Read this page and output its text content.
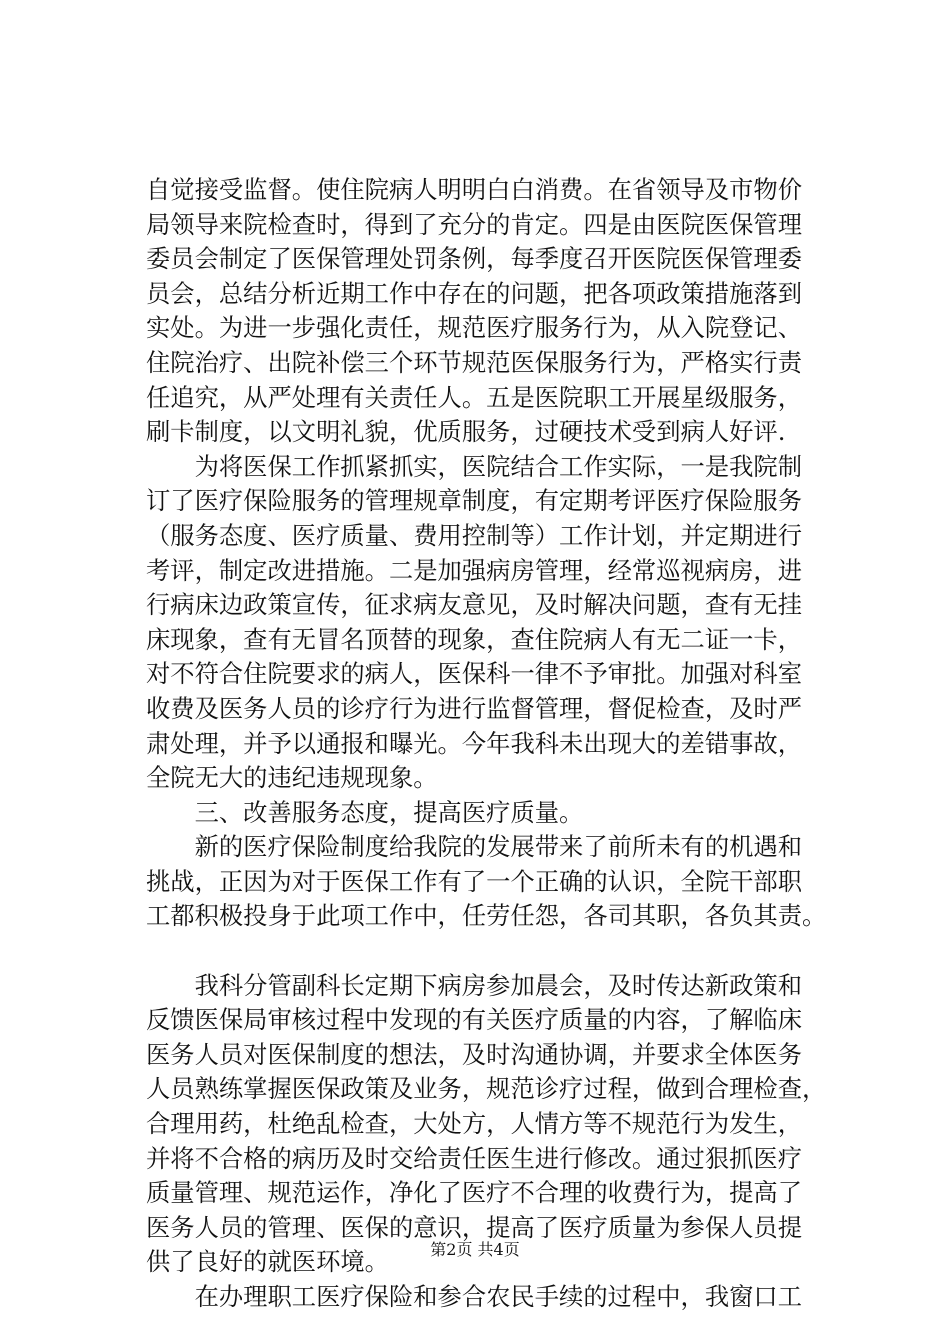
自觉接受监督。使住院病人明明白白消费。在省领导及市物价
局领导来院检查时，得到了充分的肯定。四是由医院医保管理
委员会制定了医保管理处罚条例，每季度召开医院医保管理委
员会，总结分析近期工作中存在的问题，把各项政策措施落到
实处。为进一步强化责任，规范医疗服务行为，从入院登记、
住院治疗、出院补偿三个环节规范医保服务行为，严格实行责
任追究，从严处理有关责任人。五是医院职工开展星级服务，
刷卡制度，以文明礼貌，优质服务，过硬技术受到病人好评.

　　为将医保工作抓紧抓实，医院结合工作实际，一是我院制
订了医疗保险服务的管理规章制度，有定期考评医疗保险服务
（服务态度、医疗质量、费用控制等）工作计划，并定期进行
考评，制定改进措施。二是加强病房管理，经常巡视病房，进
行病床边政策宣传，征求病友意见，及时解决问题，查有无挂
床现象，查有无冒名顶替的现象，查住院病人有无二证一卡，
对不符合住院要求的病人，医保科一律不予审批。加强对科室
收费及医务人员的诊疗行为进行监督管理，督促检查，及时严
肃处理，并予以通报和曝光。今年我科未出现大的差错事故，
全院无大的违纪违规现象。

　　三、改善服务态度，提高医疗质量。

　　新的医疗保险制度给我院的发展带来了前所未有的机遇和
挑战，正因为对于医保工作有了一个正确的认识，全院干部职
工都积极投身于此项工作中，任劳任怨，各司其职，各负其责。

　　我科分管副科长定期下病房参加晨会，及时传达新政策和
反馈医保局审核过程中发现的有关医疗质量的内容，了解临床
医务人员对医保制度的想法，及时沟通协调，并要求全体医务
人员熟练掌握医保政策及业务，规范诊疗过程，做到合理检查，
合理用药，杜绝乱检查，大处方，人情方等不规范行为发生，
并将不合格的病历及时交给责任医生进行修改。通过狠抓医疗
质量管理、规范运作，净化了医疗不合理的收费行为，提高了
医务人员的管理、医保的意识，提高了医疗质量为参保人员提
供了良好的就医环境。

　　在办理职工医疗保险和参合农民手续的过程中，我窗口工

第2页 共4页
